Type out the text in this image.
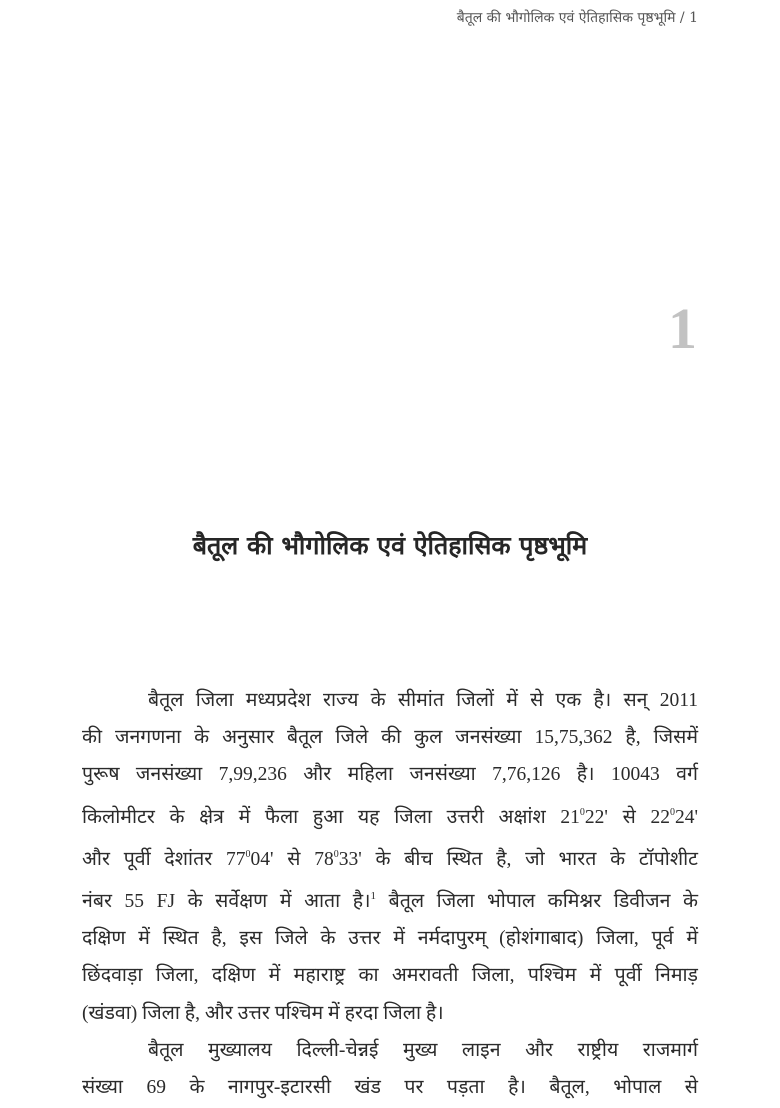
बैतूल की भौगोलिक एवं ऐतिहासिक पृष्ठभूमि / 1
1
बैतूल की भौगोलिक एवं ऐतिहासिक पृष्ठभूमि
बैतूल जिला मध्यप्रदेश राज्य के सीमांत जिलों में से एक है। सन् 2011
की जनगणना के अनुसार बैतूल जिले की कुल जनसंख्या 15,75,362 है, जिसमें
पुरूष जनसंख्या 7,99,236 और महिला जनसंख्या 7,76,126 है। 10043 वर्ग
किलोमीटर के क्षेत्र में फैला हुआ यह जिला उत्तरी अक्षांश $21^022'$ से $22^024'$
और पूर्वी देशांतर $77^004'$ से $78^033'$ के बीच स्थित है, जो भारत के टॉपोशीट
नंबर 55 FJ के सर्वेक्षण में आता है।$^1$ बैतूल जिला भोपाल कमिश्नर डिवीजन के
दक्षिण में स्थित है, इस जिले के उत्तर में नर्मदापुरम् (होशंगाबाद) जिला, पूर्व में
छिंदवाड़ा जिला, दक्षिण में महाराष्ट्र का अमरावती जिला, पश्चिम में पूर्वी निमाड़
(खंडवा) जिला है, और उत्तर पश्चिम में हरदा जिला है।
बैतूल मुख्यालय दिल्ली-चेन्नई मुख्य लाइन और राष्ट्रीय राजमार्ग
संख्या 69 के नागपुर-इटारसी खंड पर पड़ता है। बैतूल, भोपाल से
